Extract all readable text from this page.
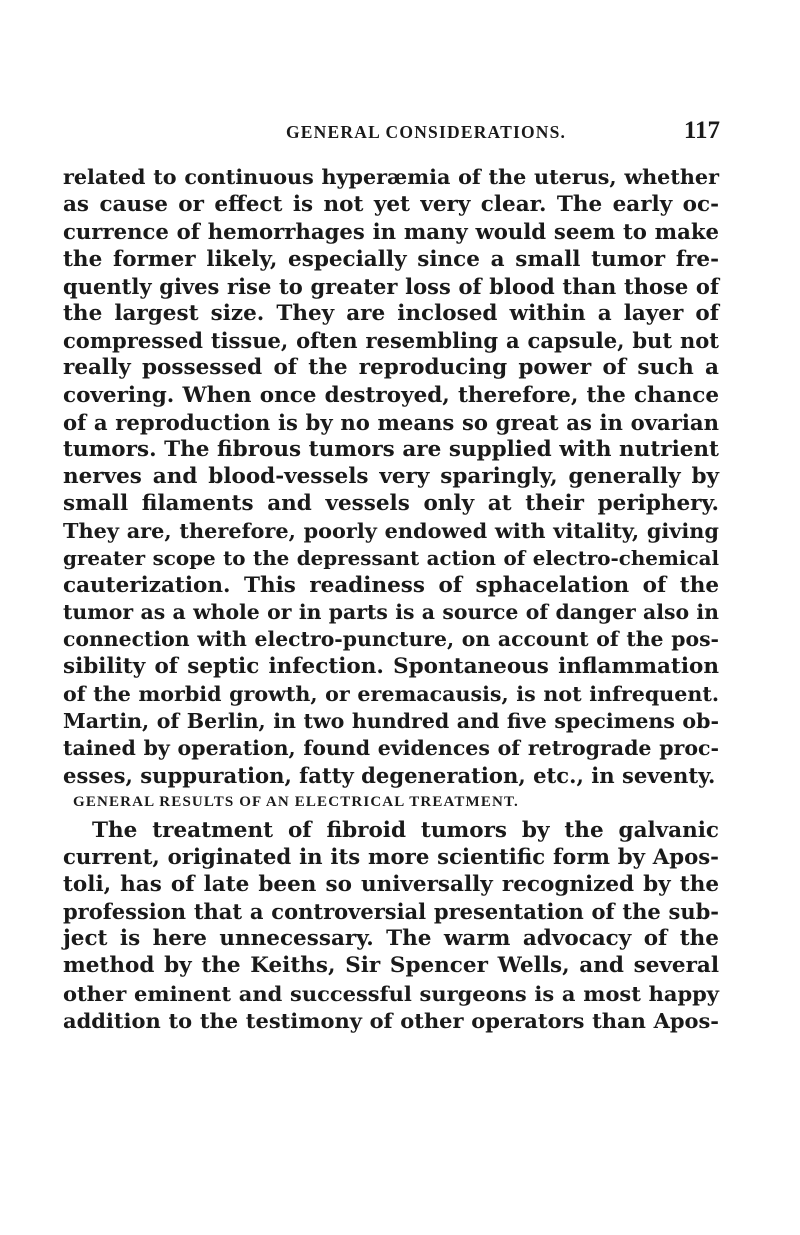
GENERAL CONSIDERATIONS.	117
related to continuous hyperæmia of the uterus, whether
as cause or effect is not yet very clear. The early oc-
currence of hemorrhages in many would seem to make
the former likely, especially since a small tumor fre-
quently gives rise to greater loss of blood than those of
the largest size. They are inclosed within a layer of
compressed tissue, often resembling a capsule, but not
really possessed of the reproducing power of such a
covering. When once destroyed, therefore, the chance
of a reproduction is by no means so great as in ovarian
tumors. The fibrous tumors are supplied with nutrient
nerves and blood-vessels very sparingly, generally by
small filaments and vessels only at their periphery.
They are, therefore, poorly endowed with vitality, giving
greater scope to the depressant action of electro-chemical
cauterization. This readiness of sphacelation of the
tumor as a whole or in parts is a source of danger also in
connection with electro-puncture, on account of the pos-
sibility of septic infection. Spontaneous inflammation
of the morbid growth, or eremacausis, is not infrequent.
Martin, of Berlin, in two hundred and five specimens ob-
tained by operation, found evidences of retrograde proc-
esses, suppuration, fatty degeneration, etc., in seventy.
GENERAL RESULTS OF AN ELECTRICAL TREATMENT.
The treatment of fibroid tumors by the galvanic
current, originated in its more scientific form by Apos-
toli, has of late been so universally recognized by the
profession that a controversial presentation of the sub-
ject is here unnecessary. The warm advocacy of the
method by the Keiths, Sir Spencer Wells, and several
other eminent and successful surgeons is a most happy
addition to the testimony of other operators than Apos-
